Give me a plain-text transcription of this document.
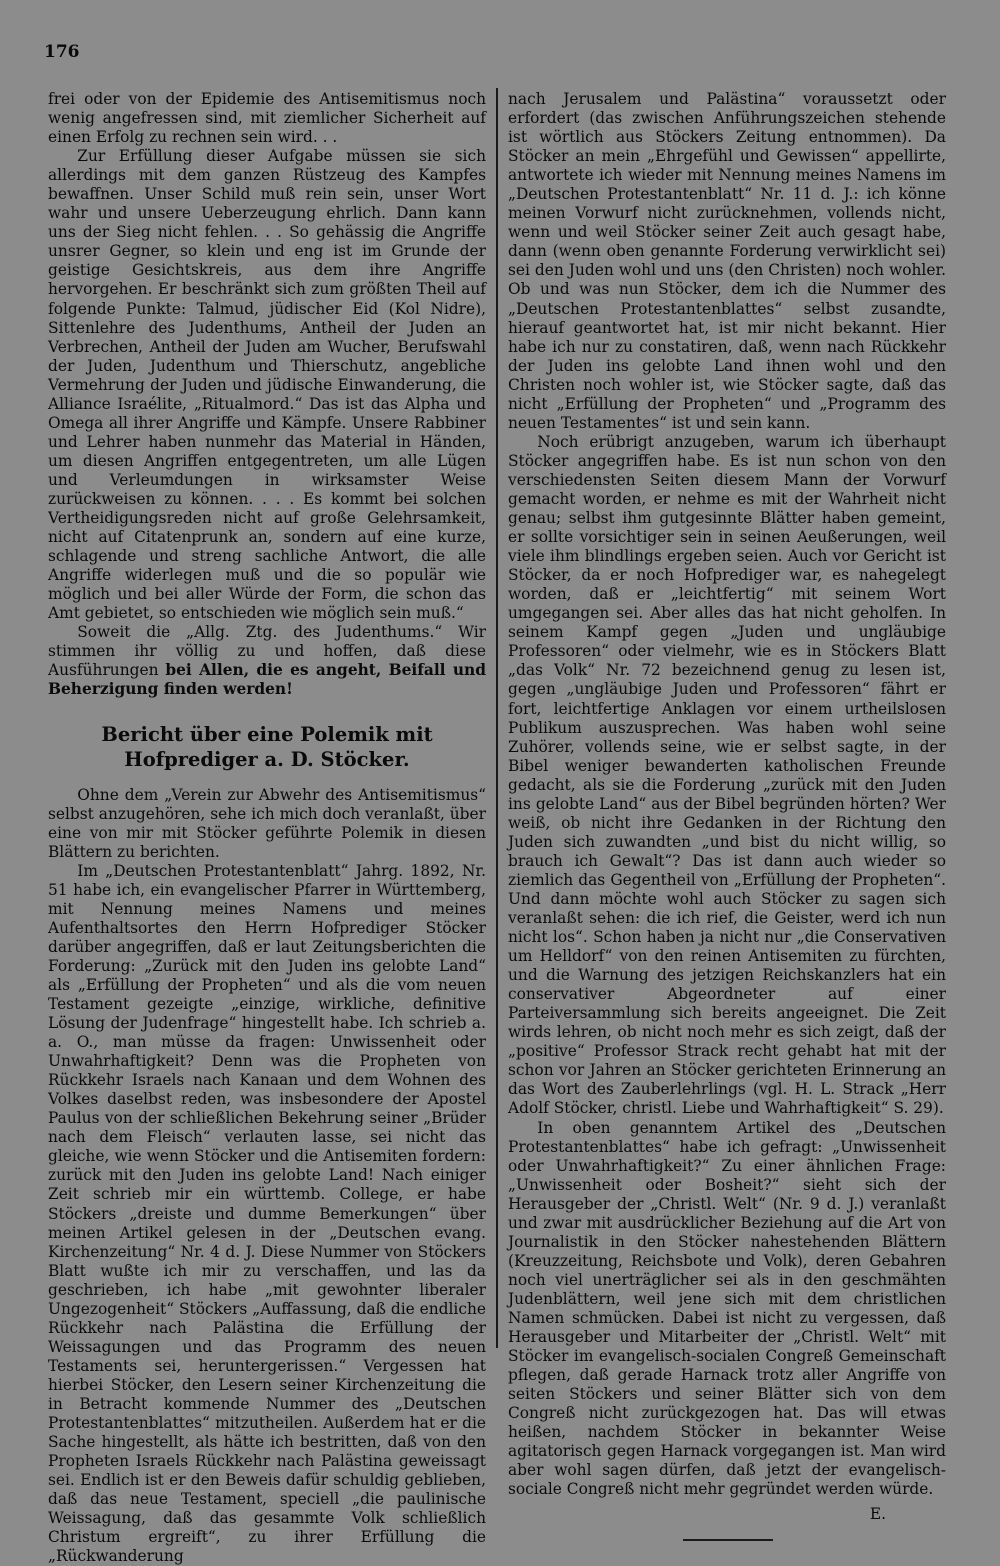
176

frei oder von der Epidemie des Antisemitismus noch wenig angefressen sind, mit ziemlicher Sicherheit auf einen Erfolg zu rechnen sein wird. . .

Zur Erfüllung dieser Aufgabe müssen sie sich allerdings mit dem ganzen Rüstzeug des Kampfes bewaffnen. Unser Schild muß rein sein, unser Wort wahr und unsere Ueberzeugung ehrlich. Dann kann uns der Sieg nicht fehlen. . . So gehässig die Angriffe unsrer Gegner, so klein und eng ist im Grunde der geistige Gesichtskreis, aus dem ihre Angriffe hervorgehen. Er beschränkt sich zum größten Theil auf folgende Punkte: Talmud, jüdischer Eid (Kol Nidre), Sittenlehre des Judenthums, Antheil der Juden an Verbrechen, Antheil der Juden am Wucher, Berufswahl der Juden, Judenthum und Thierschutz, angebliche Vermehrung der Juden und jüdische Einwanderung, die Alliance Israélite, „Ritualmord.“ Das ist das Alpha und Omega all ihrer Angriffe und Kämpfe. Unsere Rabbiner und Lehrer haben nunmehr das Material in Händen, um diesen Angriffen entgegentreten, um alle Lügen und Verleumdungen in wirksamster Weise zurückweisen zu können. . . . Es kommt bei solchen Vertheidigungsreden nicht auf große Gelehrsamkeit, nicht auf Citatenprunk an, sondern auf eine kurze, schlagende und streng sachliche Antwort, die alle Angriffe widerlegen muß und die so populär wie möglich und bei aller Würde der Form, die schon das Amt gebietet, so entschieden wie möglich sein muß.“

Soweit die „Allg. Ztg. des Judenthums.“ Wir stimmen ihr völlig zu und hoffen, daß diese Ausführungen bei Allen, die es angeht, Beifall und Beherzigung finden werden!

Bericht über eine Polemik mit Hofprediger a. D. Stöcker.

Ohne dem „Verein zur Abwehr des Antisemitismus“ selbst anzugehören, sehe ich mich doch veranlaßt, über eine von mir mit Stöcker geführte Polemik in diesen Blättern zu berichten.

Im „Deutschen Protestantenblatt“ Jahrg. 1892, Nr. 51 habe ich, ein evangelischer Pfarrer in Württemberg, mit Nennung meines Namens und meines Aufenthaltsortes den Herrn Hofprediger Stöcker darüber angegriffen, daß er laut Zeitungsberichten die Forderung: „Zurück mit den Juden ins gelobte Land“ als „Erfüllung der Propheten“ und als die vom neuen Testament gezeigte „einzige, wirkliche, definitive Lösung der Judenfrage“ hingestellt habe. Ich schrieb a. a. O., man müsse da fragen: Unwissenheit oder Unwahrhaftigkeit? Denn was die Propheten von Rückkehr Israels nach Kanaan und dem Wohnen des Volkes daselbst reden, was insbesondere der Apostel Paulus von der schließlichen Bekehrung seiner „Brüder nach dem Fleisch“ verlauten lasse, sei nicht das gleiche, wie wenn Stöcker und die Antisemiten fordern: zurück mit den Juden ins gelobte Land! Nach einiger Zeit schrieb mir ein württemb. College, er habe Stöckers „dreiste und dumme Bemerkungen“ über meinen Artikel gelesen in der „Deutschen evang. Kirchenzeitung“ Nr. 4 d. J. Diese Nummer von Stöckers Blatt wußte ich mir zu verschaffen, und las da geschrieben, ich habe „mit gewohnter liberaler Ungezogenheit“ Stöckers „Auffassung, daß die endliche Rückkehr nach Palästina die Erfüllung der Weissagungen und das Programm des neuen Testaments sei, heruntergerissen.“ Vergessen hat hierbei Stöcker, den Lesern seiner Kirchenzeitung die in Betracht kommende Nummer des „Deutschen Protestantenblattes“ mitzutheilen. Außerdem hat er die Sache hingestellt, als hätte ich bestritten, daß von den Propheten Israels Rückkehr nach Palästina geweissagt sei. Endlich ist er den Beweis dafür schuldig geblieben, daß das neue Testament, speciell „die paulinische Weissagung, daß das gesammte Volk schließlich Christum ergreift“, zu ihrer Erfüllung die „Rückwanderung

nach Jerusalem und Palästina“ voraussetzt oder erfordert (das zwischen Anführungszeichen stehende ist wörtlich aus Stöckers Zeitung entnommen). Da Stöcker an mein „Ehrgefühl und Gewissen“ appellirte, antwortete ich wieder mit Nennung meines Namens im „Deutschen Protestantenblatt“ Nr. 11 d. J.: ich könne meinen Vorwurf nicht zurücknehmen, vollends nicht, wenn und weil Stöcker seiner Zeit auch gesagt habe, dann (wenn oben genannte Forderung verwirklicht sei) sei den Juden wohl und uns (den Christen) noch wohler. Ob und was nun Stöcker, dem ich die Nummer des „Deutschen Protestantenblattes“ selbst zusandte, hierauf geantwortet hat, ist mir nicht bekannt. Hier habe ich nur zu constatiren, daß, wenn nach Rückkehr der Juden ins gelobte Land ihnen wohl und den Christen noch wohler ist, wie Stöcker sagte, daß das nicht „Erfüllung der Propheten“ und „Programm des neuen Testamentes“ ist und sein kann.

Noch erübrigt anzugeben, warum ich überhaupt Stöcker angegriffen habe. Es ist nun schon von den verschiedensten Seiten diesem Mann der Vorwurf gemacht worden, er nehme es mit der Wahrheit nicht genau; selbst ihm gutgesinnte Blätter haben gemeint, er sollte vorsichtiger sein in seinen Aeußerungen, weil viele ihm blindlings ergeben seien. Auch vor Gericht ist Stöcker, da er noch Hofprediger war, es nahegelegt worden, daß er „leichtfertig“ mit seinem Wort umgegangen sei. Aber alles das hat nicht geholfen. In seinem Kampf gegen „Juden und ungläubige Professoren“ oder vielmehr, wie es in Stöckers Blatt „das Volk“ Nr. 72 bezeichnend genug zu lesen ist, gegen „ungläubige Juden und Professoren“ fährt er fort, leichtfertige Anklagen vor einem urtheilslosen Publikum auszusprechen. Was haben wohl seine Zuhörer, vollends seine, wie er selbst sagte, in der Bibel weniger bewanderten katholischen Freunde gedacht, als sie die Forderung „zurück mit den Juden ins gelobte Land“ aus der Bibel begründen hörten? Wer weiß, ob nicht ihre Gedanken in der Richtung den Juden sich zuwandten „und bist du nicht willig, so brauch ich Gewalt“? Das ist dann auch wieder so ziemlich das Gegentheil von „Erfüllung der Propheten“. Und dann möchte wohl auch Stöcker zu sagen sich veranlaßt sehen: die ich rief, die Geister, werd ich nun nicht los“. Schon haben ja nicht nur „die Conservativen um Helldorf“ von den reinen Antisemiten zu fürchten, und die Warnung des jetzigen Reichskanzlers hat ein conservativer Abgeordneter auf einer Parteiversammlung sich bereits angeeignet. Die Zeit wirds lehren, ob nicht noch mehr es sich zeigt, daß der „positive“ Professor Strack recht gehabt hat mit der schon vor Jahren an Stöcker gerichteten Erinnerung an das Wort des Zauberlehrlings (vgl. H. L. Strack „Herr Adolf Stöcker, christl. Liebe und Wahrhaftigkeit“ S. 29).

In oben genanntem Artikel des „Deutschen Protestantenblattes“ habe ich gefragt: „Unwissenheit oder Unwahrhaftigkeit?“ Zu einer ähnlichen Frage: „Unwissenheit oder Bosheit?“ sieht sich der Herausgeber der „Christl. Welt“ (Nr. 9 d. J.) veranlaßt und zwar mit ausdrücklicher Beziehung auf die Art von Journalistik in den Stöcker nahestehenden Blättern (Kreuzzeitung, Reichsbote und Volk), deren Gebahren noch viel unerträglicher sei als in den geschmähten Judenblättern, weil jene sich mit dem christlichen Namen schmücken. Dabei ist nicht zu vergessen, daß Herausgeber und Mitarbeiter der „Christl. Welt“ mit Stöcker im evangelisch-socialen Congreß Gemeinschaft pflegen, daß gerade Harnack trotz aller Angriffe von seiten Stöckers und seiner Blätter sich von dem Congreß nicht zurückgezogen hat. Das will etwas heißen, nachdem Stöcker in bekannter Weise agitatorisch gegen Harnack vorgegangen ist. Man wird aber wohl sagen dürfen, daß jetzt der evangelisch-sociale Congreß nicht mehr gegründet werden würde.

E.
